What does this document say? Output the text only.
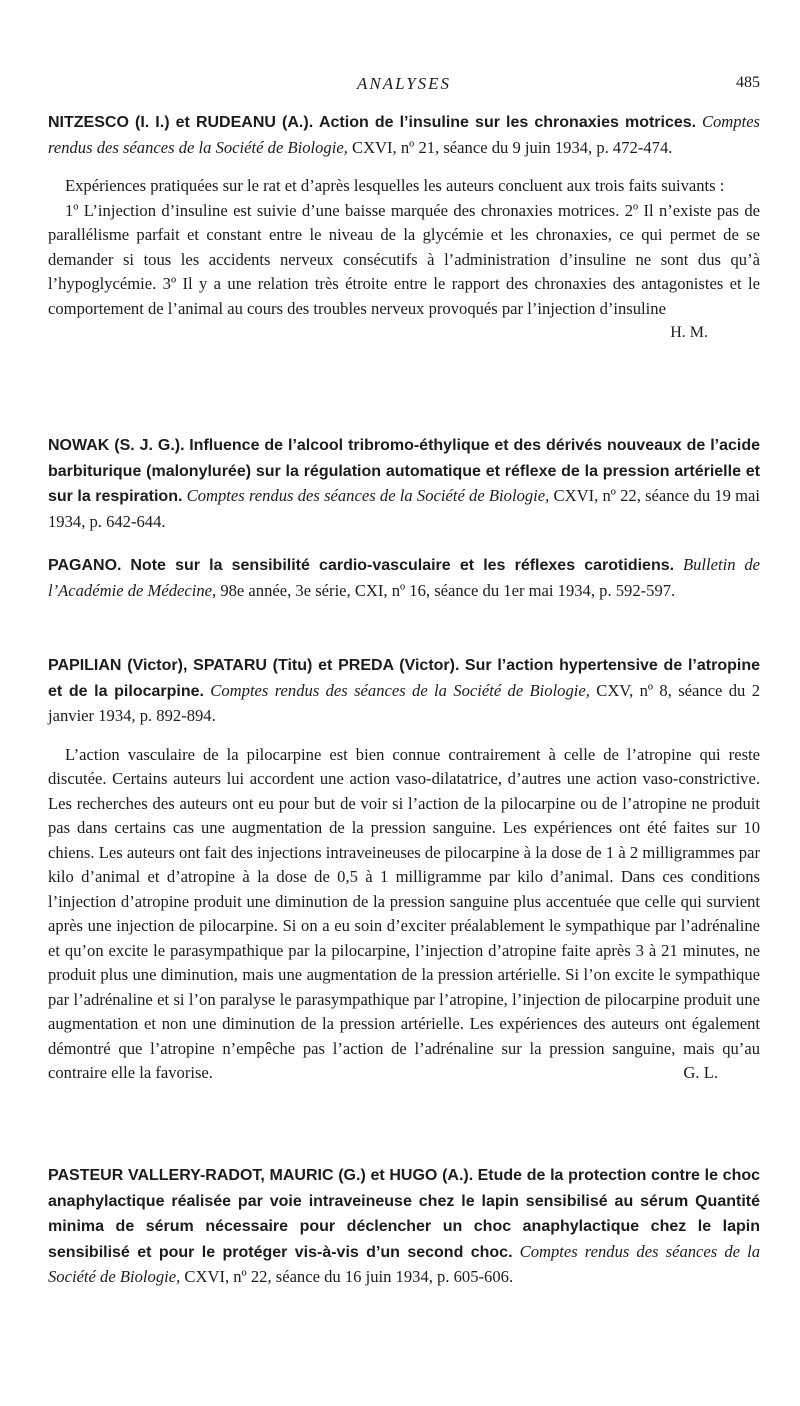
ANALYSES	485

NITZESCO (I. I.) et RUDEANU (A.). Action de l’insuline sur les chronaxies motrices. Comptes rendus des séances de la Société de Biologie, CXVI, nº 21, séance du 9 juin 1934, p. 472-474.

Expériences pratiquées sur le rat et d’après lesquelles les auteurs concluent aux trois faits suivants :

1º L’injection d’insuline est suivie d’une baisse marquée des chronaxies motrices. 2º Il n’existe pas de parallélisme parfait et constant entre le niveau de la glycémie et les chronaxies, ce qui permet de se demander si tous les accidents nerveux consécutifs à l’administration d’insuline ne sont dus qu’à l’hypoglycémie. 3º Il y a une relation très étroite entre le rapport des chronaxies des antagonistes et le comportement de l’animal au cours des troubles nerveux provoqués par l’injection d’insuline

H. M.

NOWAK (S. J. G.). Influence de l’alcool tribromo-éthylique et des dérivés nouveaux de l’acide barbiturique (malonylurée) sur la régulation automatique et réflexe de la pression artérielle et sur la respiration. Comptes rendus des séances de la Société de Biologie, CXVI, nº 22, séance du 19 mai 1934, p. 642-644.

PAGANO. Note sur la sensibilité cardio-vasculaire et les réflexes carotidiens. Bulletin de l’Académie de Médecine, 98e année, 3e série, CXI, nº 16, séance du 1er mai 1934, p. 592-597.

PAPILIAN (Victor), SPATARU (Titu) et PREDA (Victor). Sur l’action hypertensive de l’atropine et de la pilocarpine. Comptes rendus des séances de la Société de Biologie, CXV, nº 8, séance du 2 janvier 1934, p. 892-894.

L’action vasculaire de la pilocarpine est bien connue contrairement à celle de l’atropine qui reste discutée. Certains auteurs lui accordent une action vaso-dilatatrice, d’autres une action vaso-constrictive. Les recherches des auteurs ont eu pour but de voir si l’action de la pilocarpine ou de l’atropine ne produit pas dans certains cas une augmentation de la pression sanguine. Les expériences ont été faites sur 10 chiens. Les auteurs ont fait des injections intraveineuses de pilocarpine à la dose de 1 à 2 milligrammes par kilo d’animal et d’atropine à la dose de 0,5 à 1 milligramme par kilo d’animal. Dans ces conditions l’injection d’atropine produit une diminution de la pression sanguine plus accentuée que celle qui survient après une injection de pilocarpine. Si on a eu soin d’exciter préalablement le sympathique par l’adrénaline et qu’on excite le parasympathique par la pilocarpine, l’injection d’atropine faite après 3 à 21 minutes, ne produit plus une diminution, mais une augmentation de la pression artérielle. Si l’on excite le sympathique par l’adrénaline et si l’on paralyse le parasympathique par l’atropine, l’injection de pilocarpine produit une augmentation et non une diminution de la pression artérielle. Les expériences des auteurs ont également démontré que l’atropine n’empêche pas l’action de l’adrénaline sur la pression sanguine, mais qu’au contraire elle la favorise.	G. L.

PASTEUR VALLERY-RADOT, MAURIC (G.) et HUGO (A.). Etude de la protection contre le choc anaphylactique réalisée par voie intraveineuse chez le lapin sensibilisé au sérum Quantité minima de sérum nécessaire pour déclencher un choc anaphylactique chez le lapin sensibilisé et pour le protéger vis-à-vis d’un second choc. Comptes rendus des séances de la Société de Biologie, CXVI, nº 22, séance du 16 juin 1934, p. 605-606.
